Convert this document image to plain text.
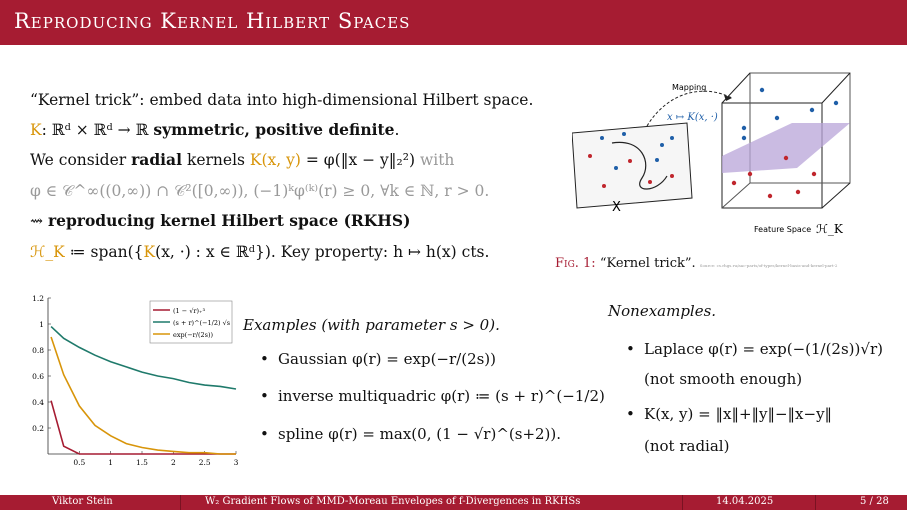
Reproducing Kernel Hilbert Spaces
“Kernel trick”: embed data into high-dimensional Hilbert space.
K: ℝᵈ × ℝᵈ → ℝ symmetric, positive definite.
We consider radial kernels K(x, y) = φ(‖x − y‖₂²) with
φ ∈ 𝒞^∞((0,∞)) ∩ 𝒞²([0,∞)), (−1)ᵏφ⁽ᵏ⁾(r) ≥ 0, ∀k ∈ ℕ, r > 0.
⇝ reproducing kernel Hilbert space (RKHS)
ℋ_K ≔ span({K(x, ·) : x ∈ ℝᵈ}). Key property: h ↦ h(x) cts.
Mapping
x ↦ K(x, ·)
X
Feature Space ℋ_K
Fig. 1: “Kernel trick”. Source: cs.rhgs.ru/aac-parts/of-types/kernel-basis-and-kernel-part-2
0.5	1	1.5	2	2.5	3
0.2
0.4
0.6
0.8
1
1.2
(1 − √r)₊³
(s + r)^(−1/2) √s
exp(−r/(2s))
Examples (with parameter s > 0).
• Gaussian φ(r) = exp(−r/(2s))
• inverse multiquadric φ(r) ≔ (s + r)^(−1/2)
• spline φ(r) = max(0, (1 − √r)^(s+2)).
Nonexamples.
• Laplace φ(r) = exp(−(1/(2s))√r)
(not smooth enough)
• K(x, y) = ‖x‖+‖y‖−‖x−y‖
(not radial)
Viktor Stein	W₂ Gradient Flows of MMD-Moreau Envelopes of f-Divergences in RKHSs	14.04.2025	5 / 28
